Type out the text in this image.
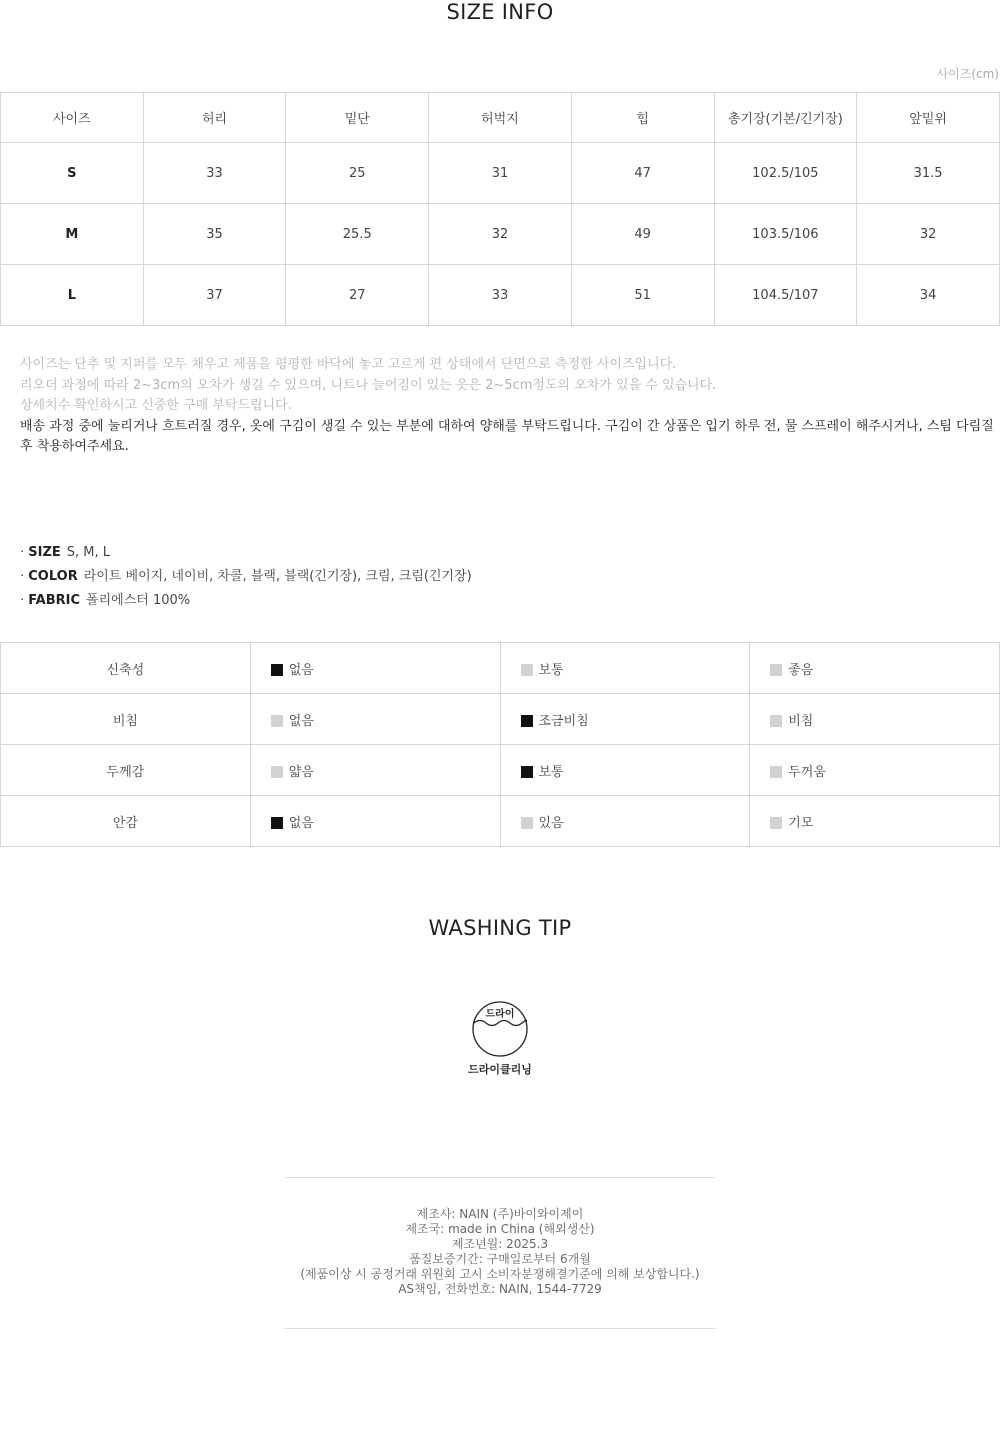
SIZE INFO
사이즈(cm)
사이즈	허리	밑단	허벅지	힙	총기장(기본/긴기장)	앞밑위
S	33	25	31	47	102.5/105	31.5
M	35	25.5	32	49	103.5/106	32
L	37	27	33	51	104.5/107	34
사이즈는 단추 및 지퍼를 모두 채우고 제품을 평평한 바닥에 놓고 고르게 편 상태에서 단면으로 측정한 사이즈입니다.
리오더 과정에 따라 2~3cm의 오차가 생길 수 있으며, 니트나 늘어짐이 있는 옷은 2~5cm정도의 오차가 있을 수 있습니다.
상세치수 확인하시고 신중한 구매 부탁드립니다.
배송 과정 중에 눌리거나 흐트러질 경우, 옷에 구김이 생길 수 있는 부분에 대하여 양해를 부탁드립니다. 구김이 간 상품은 입기 하루 전, 물 스프레이 해주시거나, 스팀 다림질 후 착용하여주세요.
· SIZE S, M, L
· COLOR 라이트 베이지, 네이비, 차콜, 블랙, 블랙(긴기장), 크림, 크림(긴기장)
· FABRIC 폴리에스터 100%
신축성	없음	보통	좋음
비침	없음	조금비침	비침
두께감	얇음	보통	두꺼움
안감	없음	있음	기모
WASHING TIP
드라이
드라이클리닝
제조사: NAIN (주)바이와이제이
제조국: made in China (해외생산)
제조년월: 2025.3
품질보증기간: 구매일로부터 6개월
(제품이상 시 공정거래 위원회 고시 소비자분쟁해결기준에 의해 보상합니다.)
AS책임, 전화번호: NAIN, 1544-7729
